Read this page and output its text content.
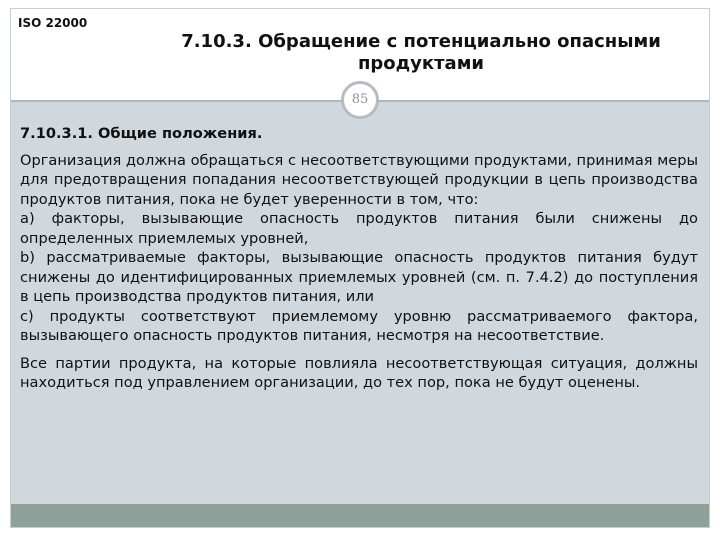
ISO 22000
7.10.3. Обращение с потенциально опасными продуктами
85

7.10.3.1. Общие положения.

Организация должна обращаться с несоответствующими продуктами, принимая меры для предотвращения попадания несоответствующей продукции в цепь производства продуктов питания, пока не будет уверенности в том, что:

a) факторы, вызывающие опасность продуктов питания были снижены до определенных приемлемых уровней,

b) рассматриваемые факторы, вызывающие опасность продуктов питания будут снижены до идентифицированных приемлемых уровней (см. п. 7.4.2) до поступления в цепь производства продуктов питания, или

c) продукты соответствуют приемлемому уровню рассматриваемого фактора, вызывающего опасность продуктов питания, несмотря на несоответствие.

Все партии продукта, на которые повлияла несоответствующая ситуация, должны находиться под управлением организации, до тех пор, пока не будут оценены.
